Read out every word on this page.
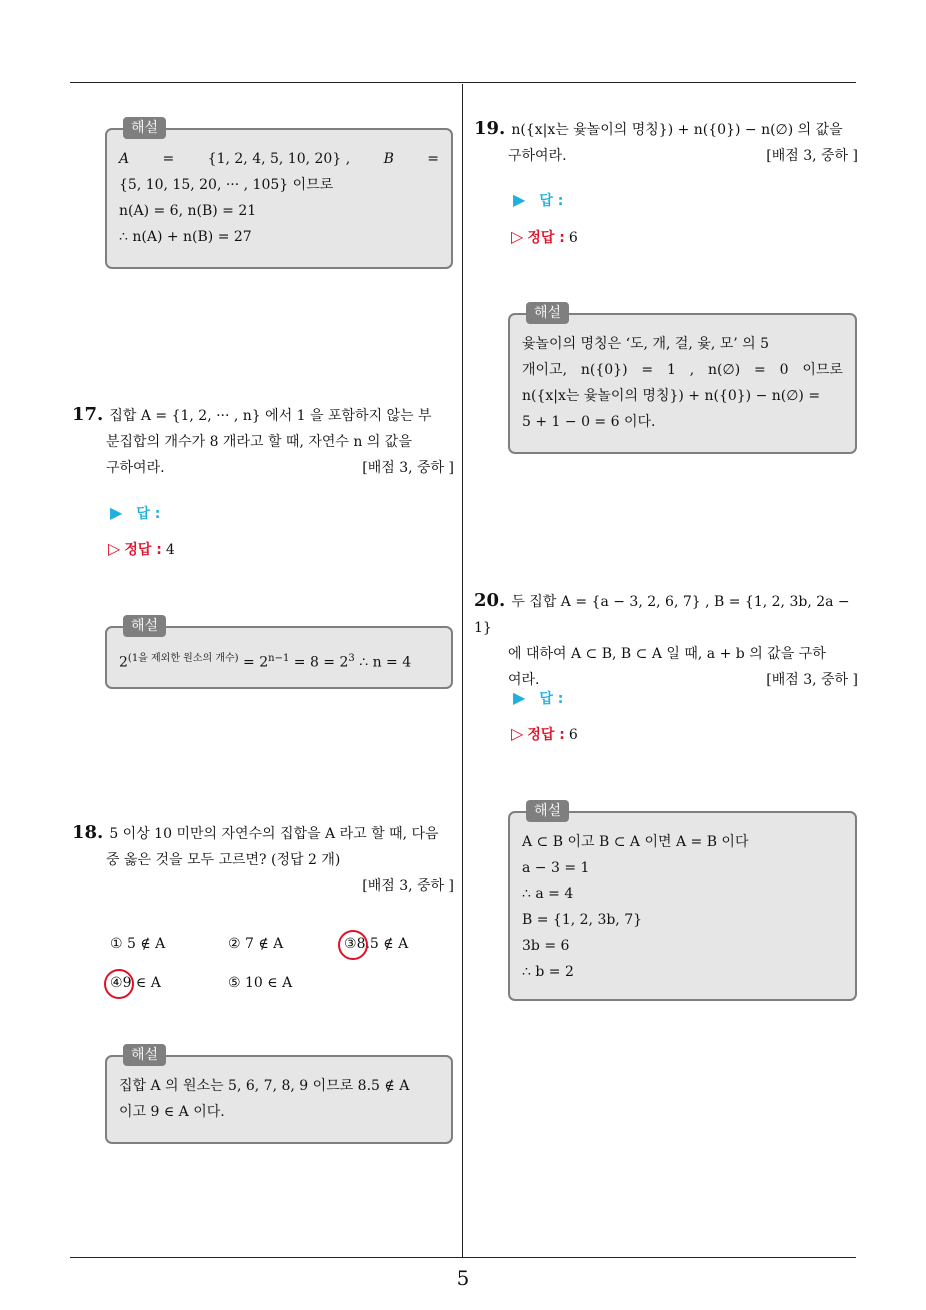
5
해설

A = {1, 2, 4, 5, 10, 20} , B =

{5, 10, 15, 20, ··· , 105} 이므로

n(A) = 6, n(B) = 21

∴ n(A) + n(B) = 27

17. 집합 A = {1, 2, ··· , n} 에서 1 을 포함하지 않는 부
분집합의 개수가 8 개라고 할 때, 자연수 n 의 값을
구하여라.	[배점 3, 중하 ]
▶ 답 :
▷ 정답 : 4
해설

$2^{(1을 제외한 원소의 개수)} = 2^{n-1} = 8 = 2^3$ ∴ n = 4

18. 5 이상 10 미만의 자연수의 집합을 A 라고 할 때, 다음
중 옳은 것을 모두 고르면? (정답 2 개)
[배점 3, 중하 ]
① 5 ∉ A	② 7 ∉ A	③8.5 ∉ A
④9 ∈ A	⑤ 10 ∈ A
해설

집합 A 의 원소는 5, 6, 7, 8, 9 이므로 8.5 ∉ A

이고 9 ∈ A 이다.

19. n({x|x는 윷놀이의 명칭}) + n({0}) − n(∅) 의 값을
구하여라.	[배점 3, 중하 ]
▶ 답 :
▷ 정답 : 6
해설

윷놀이의 명칭은 ‘도, 개, 걸, 윷, 모’ 의 5

개이고, n({0}) = 1 , n(∅) = 0 이므로

n({x|x는 윷놀이의 명칭}) + n({0}) − n(∅) =

5 + 1 − 0 = 6 이다.

20. 두 집합 A = {a − 3, 2, 6, 7} , B = {1, 2, 3b, 2a − 1}
에 대하여 A ⊂ B, B ⊂ A 일 때, a + b 의 값을 구하
여라.	[배점 3, 중하 ]
▶ 답 :
▷ 정답 : 6
해설

A ⊂ B 이고 B ⊂ A 이면 A = B 이다

a − 3 = 1

∴ a = 4

B = {1, 2, 3b, 7}

3b = 6

∴ b = 2
